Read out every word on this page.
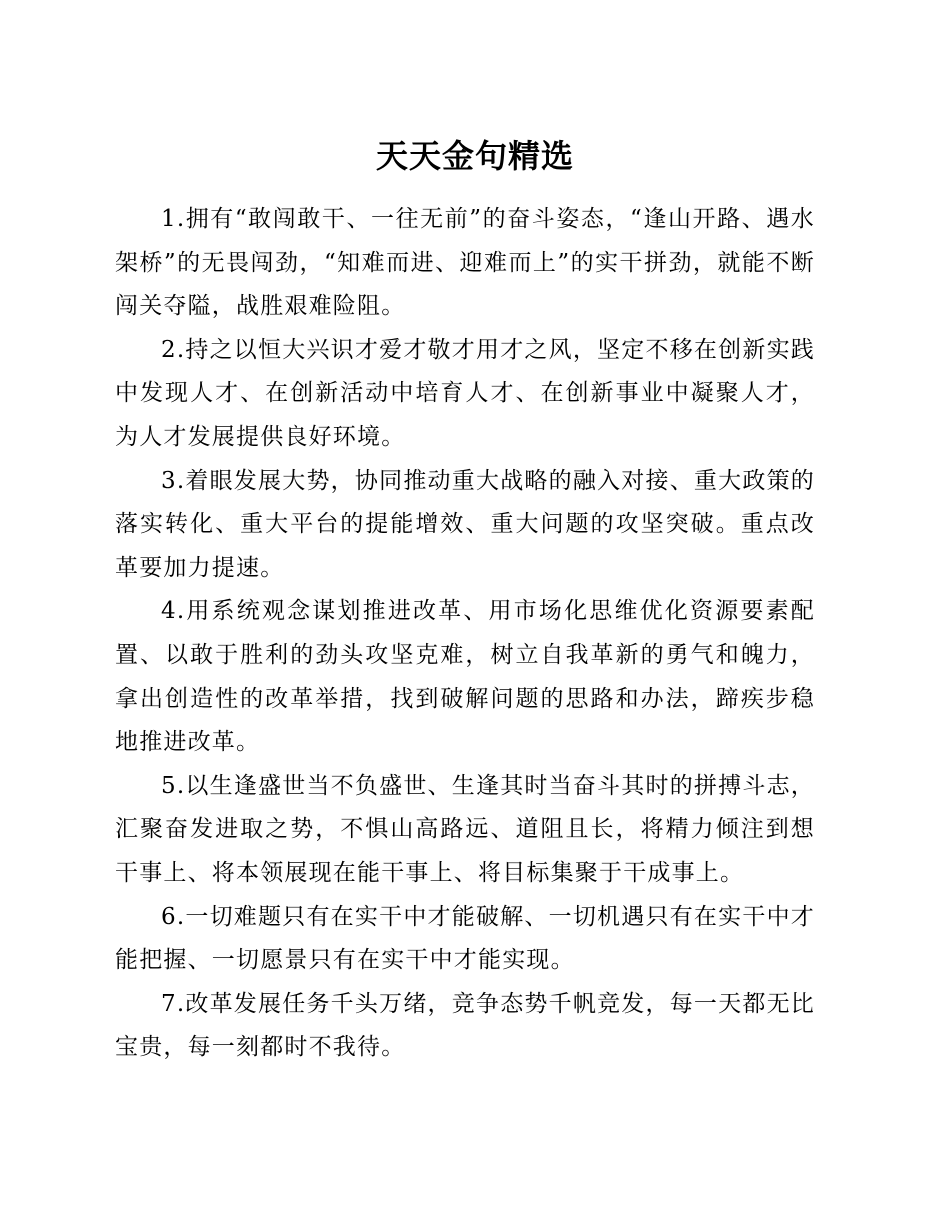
天天金句精选

1.拥有“敢闯敢干、一往无前”的奋斗姿态，“逢山开路、遇水架桥”的无畏闯劲，“知难而进、迎难而上”的实干拼劲，就能不断闯关夺隘，战胜艰难险阻。

2.持之以恒大兴识才爱才敬才用才之风，坚定不移在创新实践中发现人才、在创新活动中培育人才、在创新事业中凝聚人才，为人才发展提供良好环境。

3.着眼发展大势，协同推动重大战略的融入对接、重大政策的落实转化、重大平台的提能增效、重大问题的攻坚突破。重点改革要加力提速。

4.用系统观念谋划推进改革、用市场化思维优化资源要素配置、以敢于胜利的劲头攻坚克难，树立自我革新的勇气和魄力，拿出创造性的改革举措，找到破解问题的思路和办法，蹄疾步稳地推进改革。

5.以生逢盛世当不负盛世、生逢其时当奋斗其时的拼搏斗志，汇聚奋发进取之势，不惧山高路远、道阻且长，将精力倾注到想干事上、将本领展现在能干事上、将目标集聚于干成事上。

6.一切难题只有在实干中才能破解、一切机遇只有在实干中才能把握、一切愿景只有在实干中才能实现。

7.改革发展任务千头万绪，竞争态势千帆竞发，每一天都无比宝贵，每一刻都时不我待。
